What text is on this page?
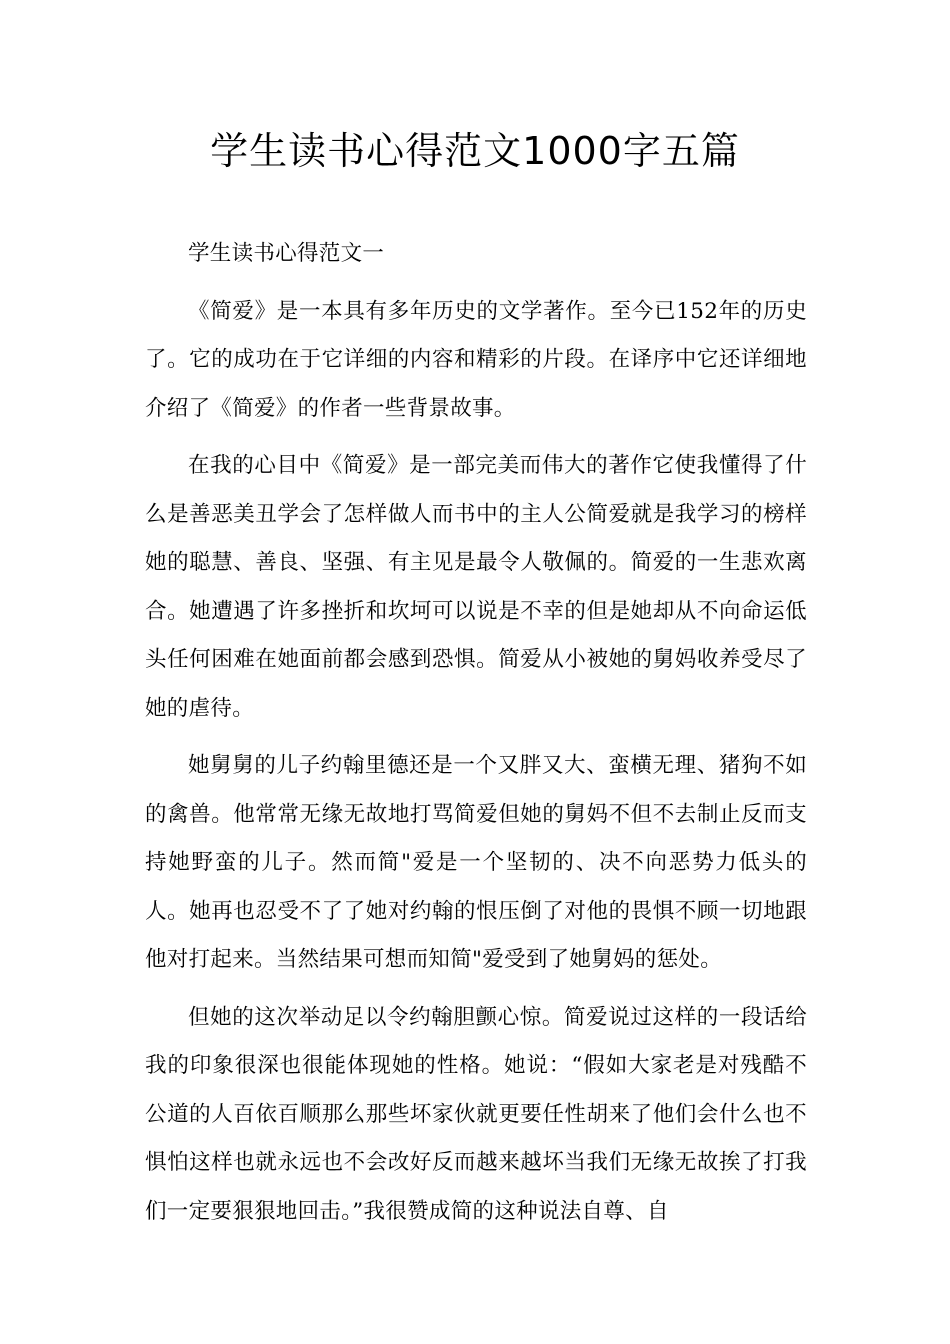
学生读书心得范文1000字五篇

学生读书心得范文一

《简爱》是一本具有多年历史的文学著作。至今已152年的历史了。它的成功在于它详细的内容和精彩的片段。在译序中它还详细地介绍了《简爱》的作者一些背景故事。

在我的心目中《简爱》是一部完美而伟大的著作它使我懂得了什么是善恶美丑学会了怎样做人而书中的主人公简爱就是我学习的榜样她的聪慧、善良、坚强、有主见是最令人敬佩的。简爱的一生悲欢离合。她遭遇了许多挫折和坎坷可以说是不幸的但是她却从不向命运低头任何困难在她面前都会感到恐惧。简爱从小被她的舅妈收养受尽了她的虐待。

她舅舅的儿子约翰里德还是一个又胖又大、蛮横无理、猪狗不如的禽兽。他常常无缘无故地打骂简爱但她的舅妈不但不去制止反而支持她野蛮的儿子。然而简"爱是一个坚韧的、决不向恶势力低头的人。她再也忍受不了了她对约翰的恨压倒了对他的畏惧不顾一切地跟他对打起来。当然结果可想而知简"爱受到了她舅妈的惩处。

但她的这次举动足以令约翰胆颤心惊。简爱说过这样的一段话给我的印象很深也很能体现她的性格。她说：“假如大家老是对残酷不公道的人百依百顺那么那些坏家伙就更要任性胡来了他们会什么也不惧怕这样也就永远也不会改好反而越来越坏当我们无缘无故挨了打我们一定要狠狠地回击。”我很赞成简的这种说法自尊、自
